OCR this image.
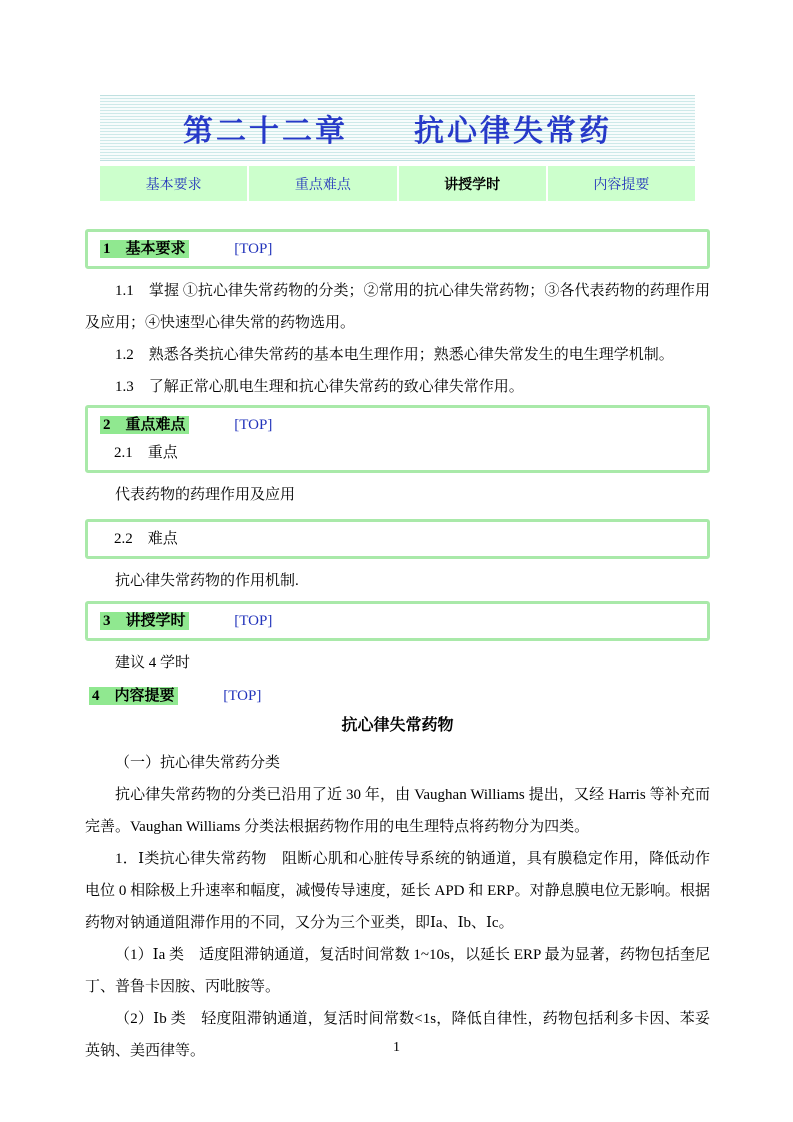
第二十二章　　抗心律失常药
基本要求	重点难点	讲授学时	内容提要
1　基本要求	[TOP]

1.1　掌握 ①抗心律失常药物的分类；②常用的抗心律失常药物；③各代表药物的药理作用及应用；④快速型心律失常的药物选用。

1.2　熟悉各类抗心律失常药的基本电生理作用；熟悉心律失常发生的电生理学机制。

1.3　了解正常心肌电生理和抗心律失常药的致心律失常作用。

2　重点难点	[TOP]
2.1　重点

代表药物的药理作用及应用

2.2　难点

抗心律失常药物的作用机制.

3　讲授学时	[TOP]

建议 4 学时

4　内容提要	[TOP]
抗心律失常药物

（一）抗心律失常药分类

抗心律失常药物的分类已沿用了近 30 年，由 Vaughan Williams 提出，又经 Harris 等补充而完善。Vaughan Williams 分类法根据药物作用的电生理特点将药物分为四类。

1．Ⅰ类抗心律失常药物　阻断心肌和心脏传导系统的钠通道，具有膜稳定作用，降低动作电位 0 相除极上升速率和幅度，减慢传导速度，延长 APD 和 ERP。对静息膜电位无影响。根据药物对钠通道阻滞作用的不同，又分为三个亚类，即Ⅰa、Ⅰb、Ⅰc。

（1）Ⅰa 类　适度阻滞钠通道，复活时间常数 1~10s，以延长 ERP 最为显著，药物包括奎尼丁、普鲁卡因胺、丙吡胺等。

（2）Ⅰb 类　轻度阻滞钠通道，复活时间常数<1s，降低自律性，药物包括利多卡因、苯妥英钠、美西律等。	1
